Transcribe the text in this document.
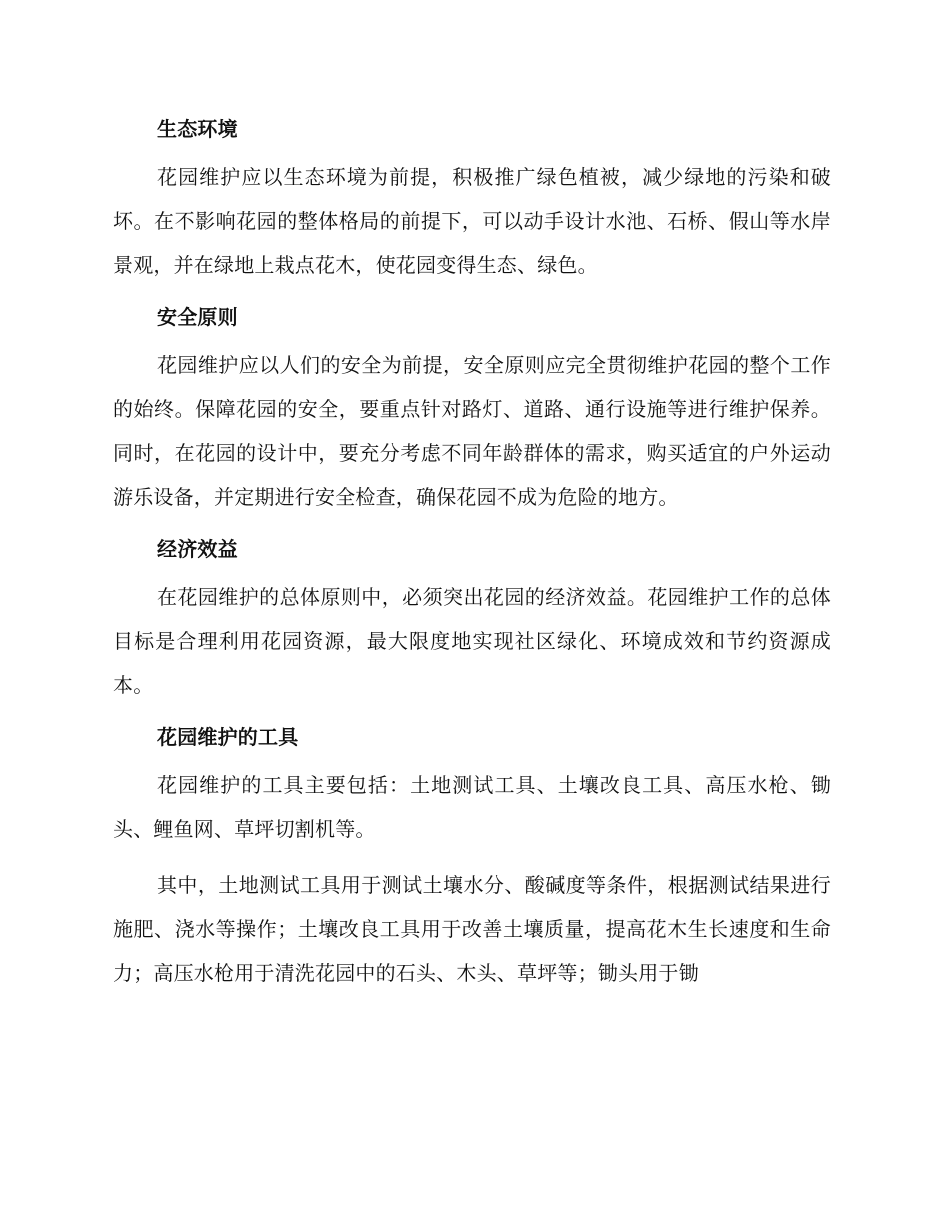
生态环境

花园维护应以生态环境为前提，积极推广绿色植被，减少绿地的污染和破坏。在不影响花园的整体格局的前提下，可以动手设计水池、石桥、假山等水岸景观，并在绿地上栽点花木，使花园变得生态、绿色。

安全原则

花园维护应以人们的安全为前提，安全原则应完全贯彻维护花园的整个工作的始终。保障花园的安全，要重点针对路灯、道路、通行设施等进行维护保养。同时，在花园的设计中，要充分考虑不同年龄群体的需求，购买适宜的户外运动游乐设备，并定期进行安全检查，确保花园不成为危险的地方。

经济效益

在花园维护的总体原则中，必须突出花园的经济效益。花园维护工作的总体目标是合理利用花园资源，最大限度地实现社区绿化、环境成效和节约资源成本。

花园维护的工具

花园维护的工具主要包括：土地测试工具、土壤改良工具、高压水枪、锄头、鲤鱼网、草坪切割机等。

其中，土地测试工具用于测试土壤水分、酸碱度等条件，根据测试结果进行施肥、浇水等操作；土壤改良工具用于改善土壤质量，提高花木生长速度和生命力；高压水枪用于清洗花园中的石头、木头、草坪等；锄头用于锄
